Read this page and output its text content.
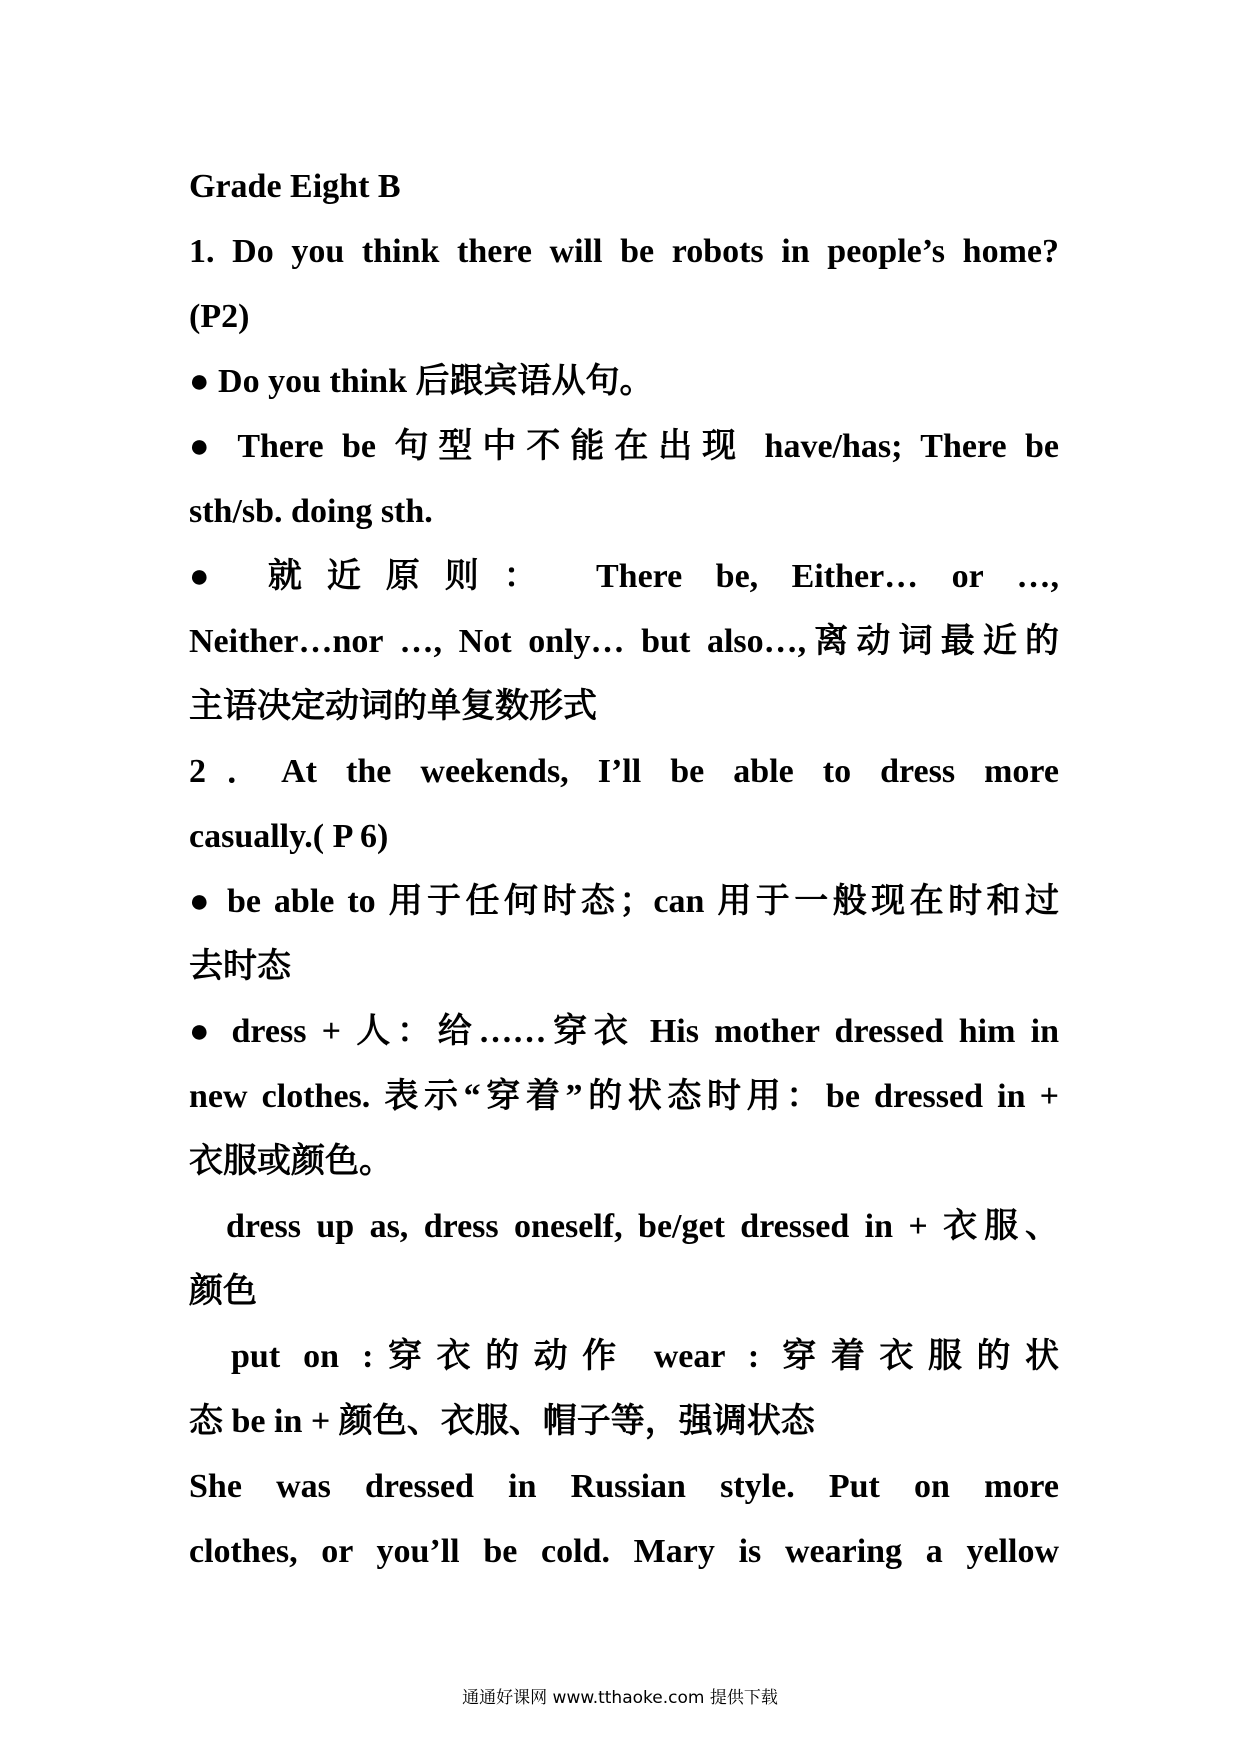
Grade Eight B
1. Do you think there will be robots in people’s home?
(P2)
● Do you think 后跟宾语从句。
● There be 句型中不能在出现 have/has; There be
sth/sb. doing sth.
● 就近原则： There be, Either… or …,
Neither…nor …, Not only… but also…,离动词最近的
主语决定动词的单复数形式
2．At the weekends, I’ll be able to dress more
casually.( P 6)
● be able to 用于任何时态；can 用于一般现在时和过
去时态
● dress + 人：给……穿衣 His mother dressed him in
new clothes. 表示“穿着”的状态时用：be dressed in +
衣服或颜色。
dress up as, dress oneself, be/get dressed in + 衣服、
颜色
put on :穿衣的动作 wear : 穿着衣服的状
态 be in + 颜色、衣服、帽子等，强调状态
She was dressed in Russian style. Put on more
clothes, or you’ll be cold. Mary is wearing a yellow
通通好课网 www.tthaoke.com 提供下载
